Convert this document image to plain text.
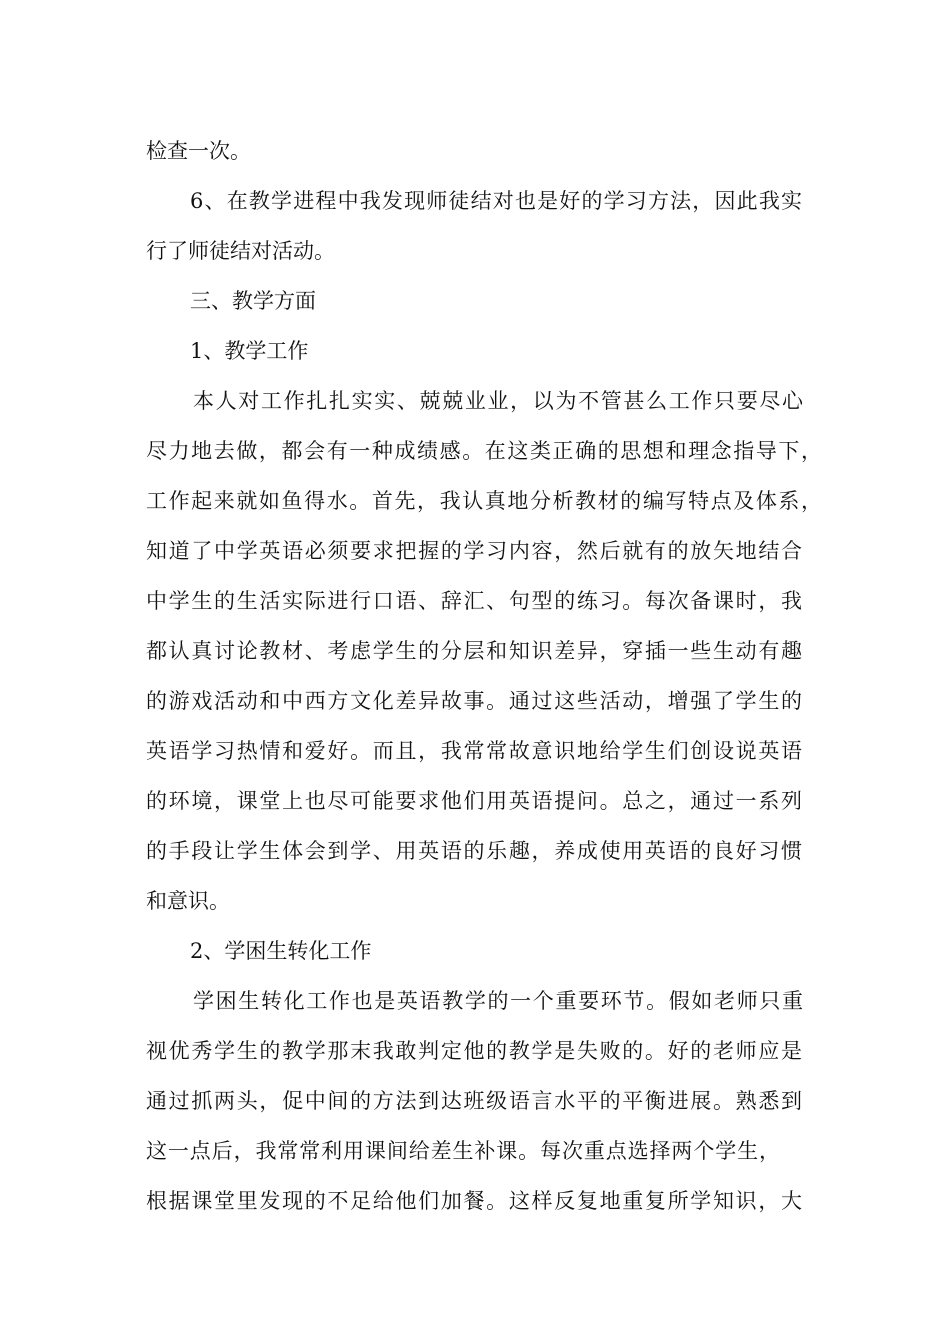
检查一次。
6、在教学进程中我发现师徒结对也是好的学习方法，因此我实
行了师徒结对活动。
三、教学方面
1、教学工作
本人对工作扎扎实实、兢兢业业，以为不管甚么工作只要尽心
尽力地去做，都会有一种成绩感。在这类正确的思想和理念指导下，
工作起来就如鱼得水。首先，我认真地分析教材的编写特点及体系，
知道了中学英语必须要求把握的学习内容，然后就有的放矢地结合
中学生的生活实际进行口语、辞汇、句型的练习。每次备课时，我
都认真讨论教材、考虑学生的分层和知识差异，穿插一些生动有趣
的游戏活动和中西方文化差异故事。通过这些活动，增强了学生的
英语学习热情和爱好。而且，我常常故意识地给学生们创设说英语
的环境，课堂上也尽可能要求他们用英语提问。总之，通过一系列
的手段让学生体会到学、用英语的乐趣，养成使用英语的良好习惯
和意识。
2、学困生转化工作
学困生转化工作也是英语教学的一个重要环节。假如老师只重
视优秀学生的教学那末我敢判定他的教学是失败的。好的老师应是
通过抓两头，促中间的方法到达班级语言水平的平衡进展。熟悉到
这一点后，我常常利用课间给差生补课。每次重点选择两个学生，
根据课堂里发现的不足给他们加餐。这样反复地重复所学知识，大
